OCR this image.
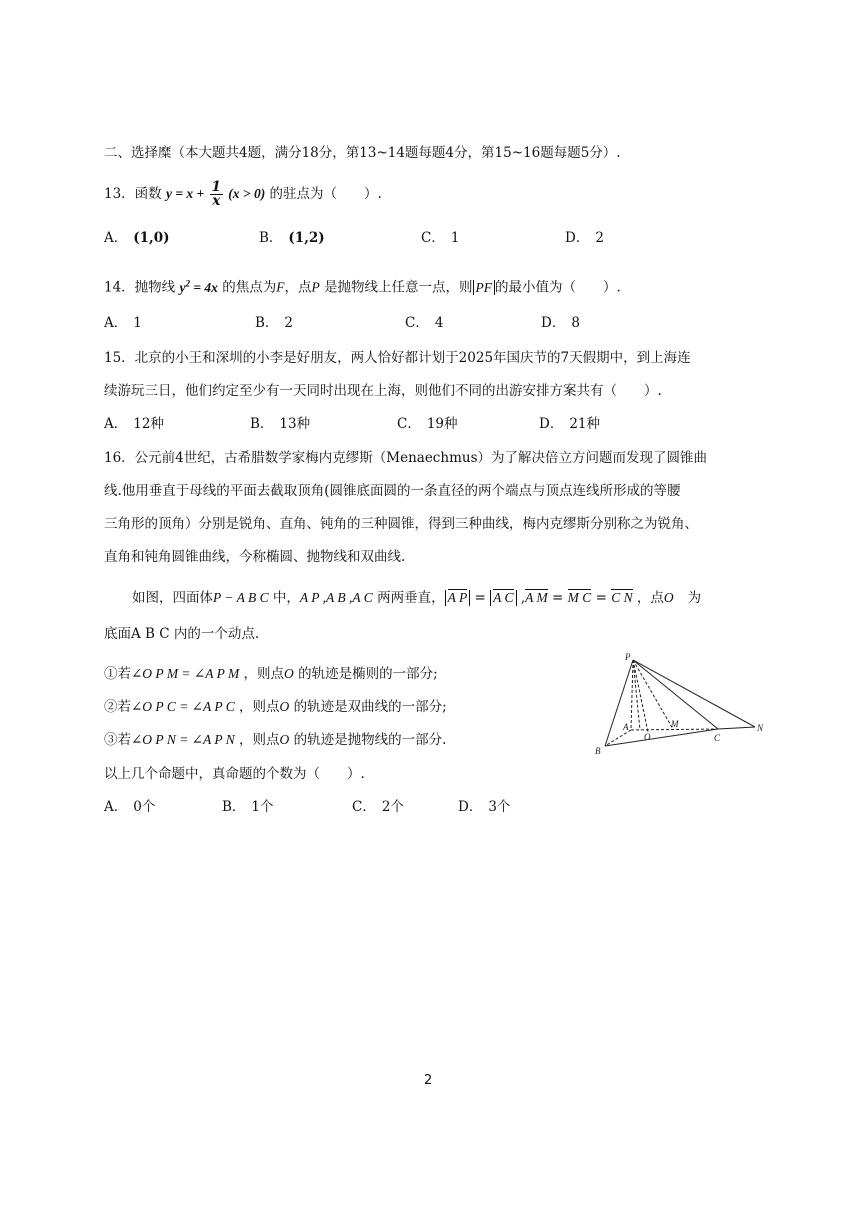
二、选择糜（本大题共4题，满分18分，第13~14题每题4分，第15~16题每题5分）.
13．函数 $y = x + \frac{1}{x} (x > 0)$ 的驻点为（　　）.
A． (1,0)	B． (1,2)	C． 1	D． 2
14．抛物线 $y^2 = 4x$ 的焦点为F，点P 是抛物线上任意一点，则 PF 的最小值为（　　）.
A． 1	B． 2	C． 4	D． 8
15．北京的小王和深圳的小李是好朋友，两人恰好都计划于2025年国庆节的7天假期中，到上海连
续游玩三日，他们约定至少有一天同时出现在上海，则他们不同的出游安排方案共有（　　）.
A． 12种	B． 13种	C． 19种	D． 21种
16．公元前4世纪，古希腊数学家梅内克缪斯（Menaechmus）为了解决倍立方问题而发现了圆锥曲
线.他用垂直于母线的平面去截取顶角(圆锥底面圆的一条直径的两个端点与顶点连线所形成的等腰
三角形的顶角）分别是锐角、直角、钝角的三种圆锥，得到三种曲线，梅内克缪斯分别称之为锐角、
直角和钝角圆锥曲线，今称椭圆、抛物线和双曲线.
如图，四面体P − A B C 中，A P ,A B ,A C 两两垂直， A P = A C ,A M = M C = C N ，点O 为
底面A B C 内的一个动点.
①若∠O P M = ∠A P M ，则点O 的轨迹是椭则的一部分;
②若∠O P C = ∠A P C ，则点O 的轨迹是双曲线的一部分;
③若∠O P N = ∠A P N ，则点O 的轨迹是抛物线的一部分.
以上几个命题中，真命题的个数为（　　）.
A． 0个	B． 1个	C． 2个	D． 3个
P
A
B
O
M
C
N
2
